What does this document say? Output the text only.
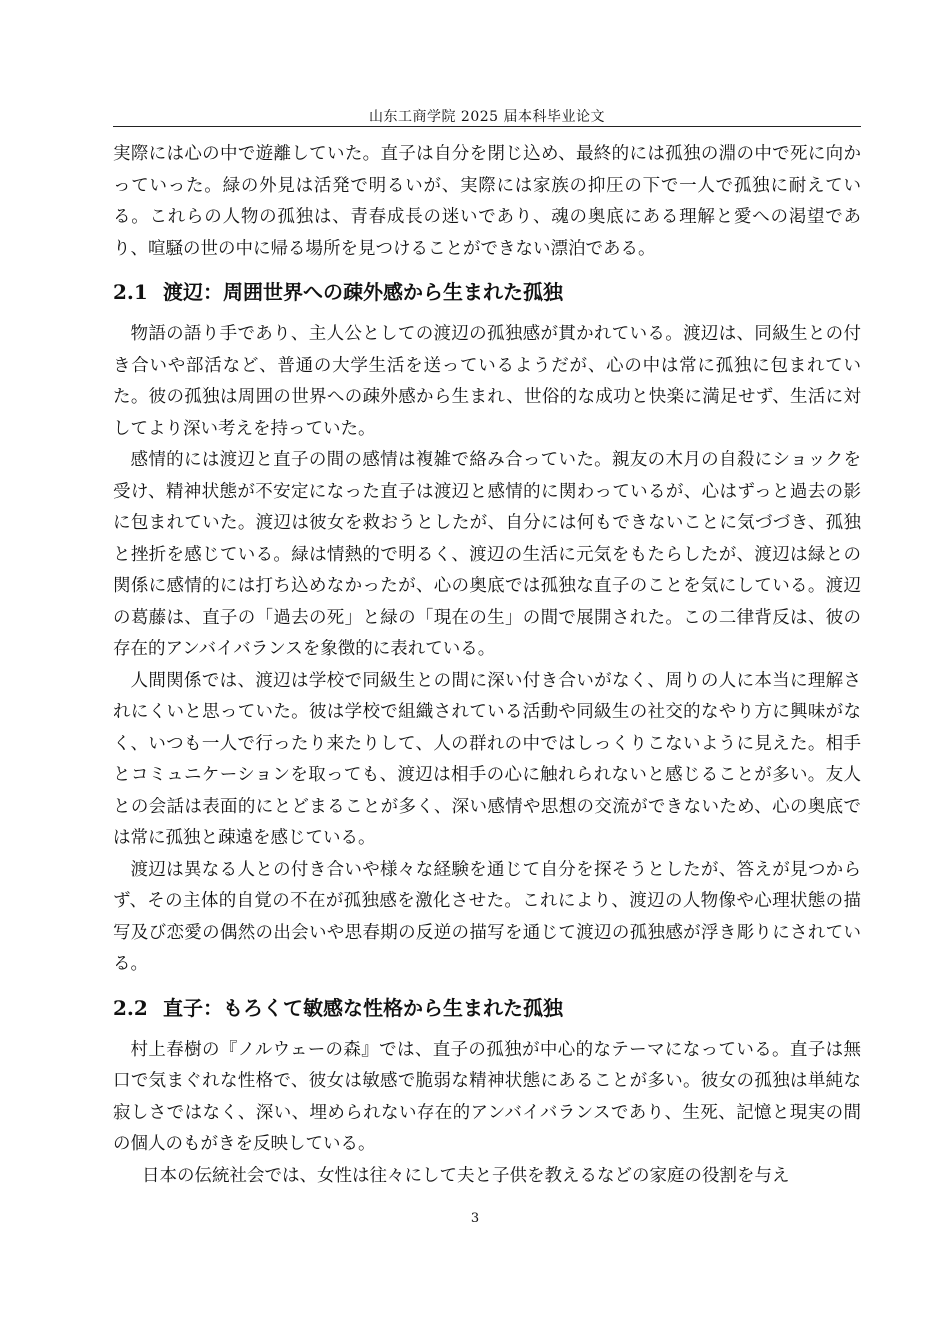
山东工商学院 2025 届本科毕业论文

実際には心の中で遊離していた。直子は自分を閉じ込め、最終的には孤独の淵の中で死に向かっていった。緑の外見は活発で明るいが、実際には家族の抑圧の下で一人で孤独に耐えている。これらの人物の孤独は、青春成長の迷いであり、魂の奥底にある理解と愛への渇望であり、喧騒の世の中に帰る場所を見つけることができない漂泊である。

2.1 渡辺：周囲世界への疎外感から生まれた孤独

物語の語り手であり、主人公としての渡辺の孤独感が貫かれている。渡辺は、同級生との付き合いや部活など、普通の大学生活を送っているようだが、心の中は常に孤独に包まれていた。彼の孤独は周囲の世界への疎外感から生まれ、世俗的な成功と快楽に満足せず、生活に対してより深い考えを持っていた。

感情的には渡辺と直子の間の感情は複雑で絡み合っていた。親友の木月の自殺にショックを受け、精神状態が不安定になった直子は渡辺と感情的に関わっているが、心はずっと過去の影に包まれていた。渡辺は彼女を救おうとしたが、自分には何もできないことに気づづき、孤独と挫折を感じている。緑は情熱的で明るく、渡辺の生活に元気をもたらしたが、渡辺は緑との関係に感情的には打ち込めなかったが、心の奥底では孤独な直子のことを気にしている。渡辺の葛藤は、直子の「過去の死」と緑の「現在の生」の間で展開された。この二律背反は、彼の存在的アンバイバランスを象徴的に表れている。

人間関係では、渡辺は学校で同級生との間に深い付き合いがなく、周りの人に本当に理解されにくいと思っていた。彼は学校で組織されている活動や同級生の社交的なやり方に興味がなく、いつも一人で行ったり来たりして、人の群れの中ではしっくりこないように見えた。相手とコミュニケーションを取っても、渡辺は相手の心に触れられないと感じることが多い。友人との会話は表面的にとどまることが多く、深い感情や思想の交流ができないため、心の奥底では常に孤独と疎遠を感じている。

渡辺は異なる人との付き合いや様々な経験を通じて自分を探そうとしたが、答えが見つからず、その主体的自覚の不在が孤独感を激化させた。これにより、渡辺の人物像や心理状態の描写及び恋愛の偶然の出会いや思春期の反逆の描写を通じて渡辺の孤独感が浮き彫りにされている。

2.2 直子：もろくて敏感な性格から生まれた孤独

村上春樹の『ノルウェーの森』では、直子の孤独が中心的なテーマになっている。直子は無口で気まぐれな性格で、彼女は敏感で脆弱な精神状態にあることが多い。彼女の孤独は単純な寂しさではなく、深い、埋められない存在的アンバイバランスであり、生死、記憶と現実の間の個人のもがきを反映している。

日本の伝統社会では、女性は往々にして夫と子供を教えるなどの家庭の役割を与え

3
